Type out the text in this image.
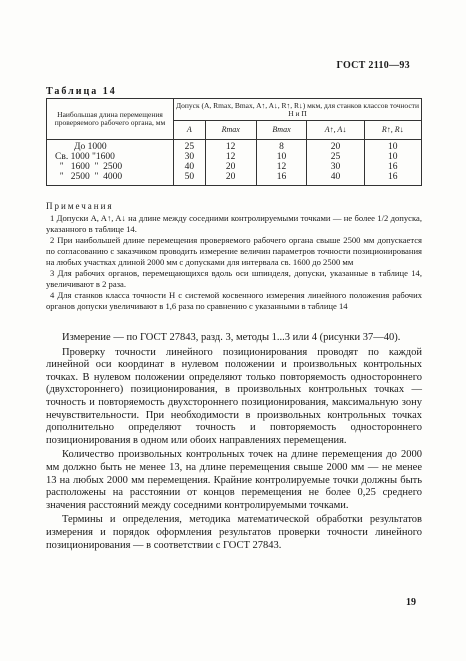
ГОСТ 2110—93
Таблица 14
Наибольшая длина перемещения проверяемого рабочего органа, мм	Допуск (A, Rmax, Bmax, A↑, A↓, R↑, R↓) мкм, для станков классов точности Н и П				
	A	Rmax	Bmax	A↑, A↓	R↑, R↓
До 1000	25	12	8	20	10
Св. 1000 "1600	30	12	10	25	10
"   1600  "  2500	40	20	12	30	16
"   2500  "  4000	50	20	16	40	16
Примечания
1 Допуски A, A↑, A↓ на длине между соседними контролируемыми точками — не более 1/2 допуска, указанного в таблице 14.
2 При наибольшей длине перемещения проверяемого рабочего органа свыше 2500 мм допускается по согласованию с заказчиком проводить измерение величин параметров точности позиционирования на любых участках длиной 2000 мм с допусками для интервала св. 1600 до 2500 мм
3 Для рабочих органов, перемещающихся вдоль оси шпинделя, допуски, указанные в таблице 14, увеличивают в 2 раза.
4 Для станков класса точности Н с системой косвенного измерения линейного положения рабочих органов допуски увеличивают в 1,6 раза по сравнению с указанными в таблице 14

Измерение — по ГОСТ 27843, разд. 3, методы 1...3 или 4 (рисунки 37—40).

Проверку точности линейного позиционирования проводят по каждой линейной оси координат в нулевом положении и произвольных контрольных точках. В нулевом положении определяют только повторяемость одностороннего (двухстороннего) позиционирования, в произвольных контрольных точках — точность и повторяемость двухстороннего позиционирования, максимальную зону нечувствительности. При необходимости в произвольных контрольных точках дополнительно определяют точность и повторяемость одностороннего позиционирования в одном или обоих направлениях перемещения.

Количество произвольных контрольных точек на длине перемещения до 2000 мм должно быть не менее 13, на длине перемещения свыше 2000 мм — не менее 13 на любых 2000 мм перемещения. Крайние контролируемые точки должны быть расположены на расстоянии от концов перемещения не более 0,25 среднего значения расстояний между соседними контролируемыми точками.

Термины и определения, методика математической обработки результатов измерения и порядок оформления результатов проверки точности линейного позиционирования — в соответствии с ГОСТ 27843.

19
